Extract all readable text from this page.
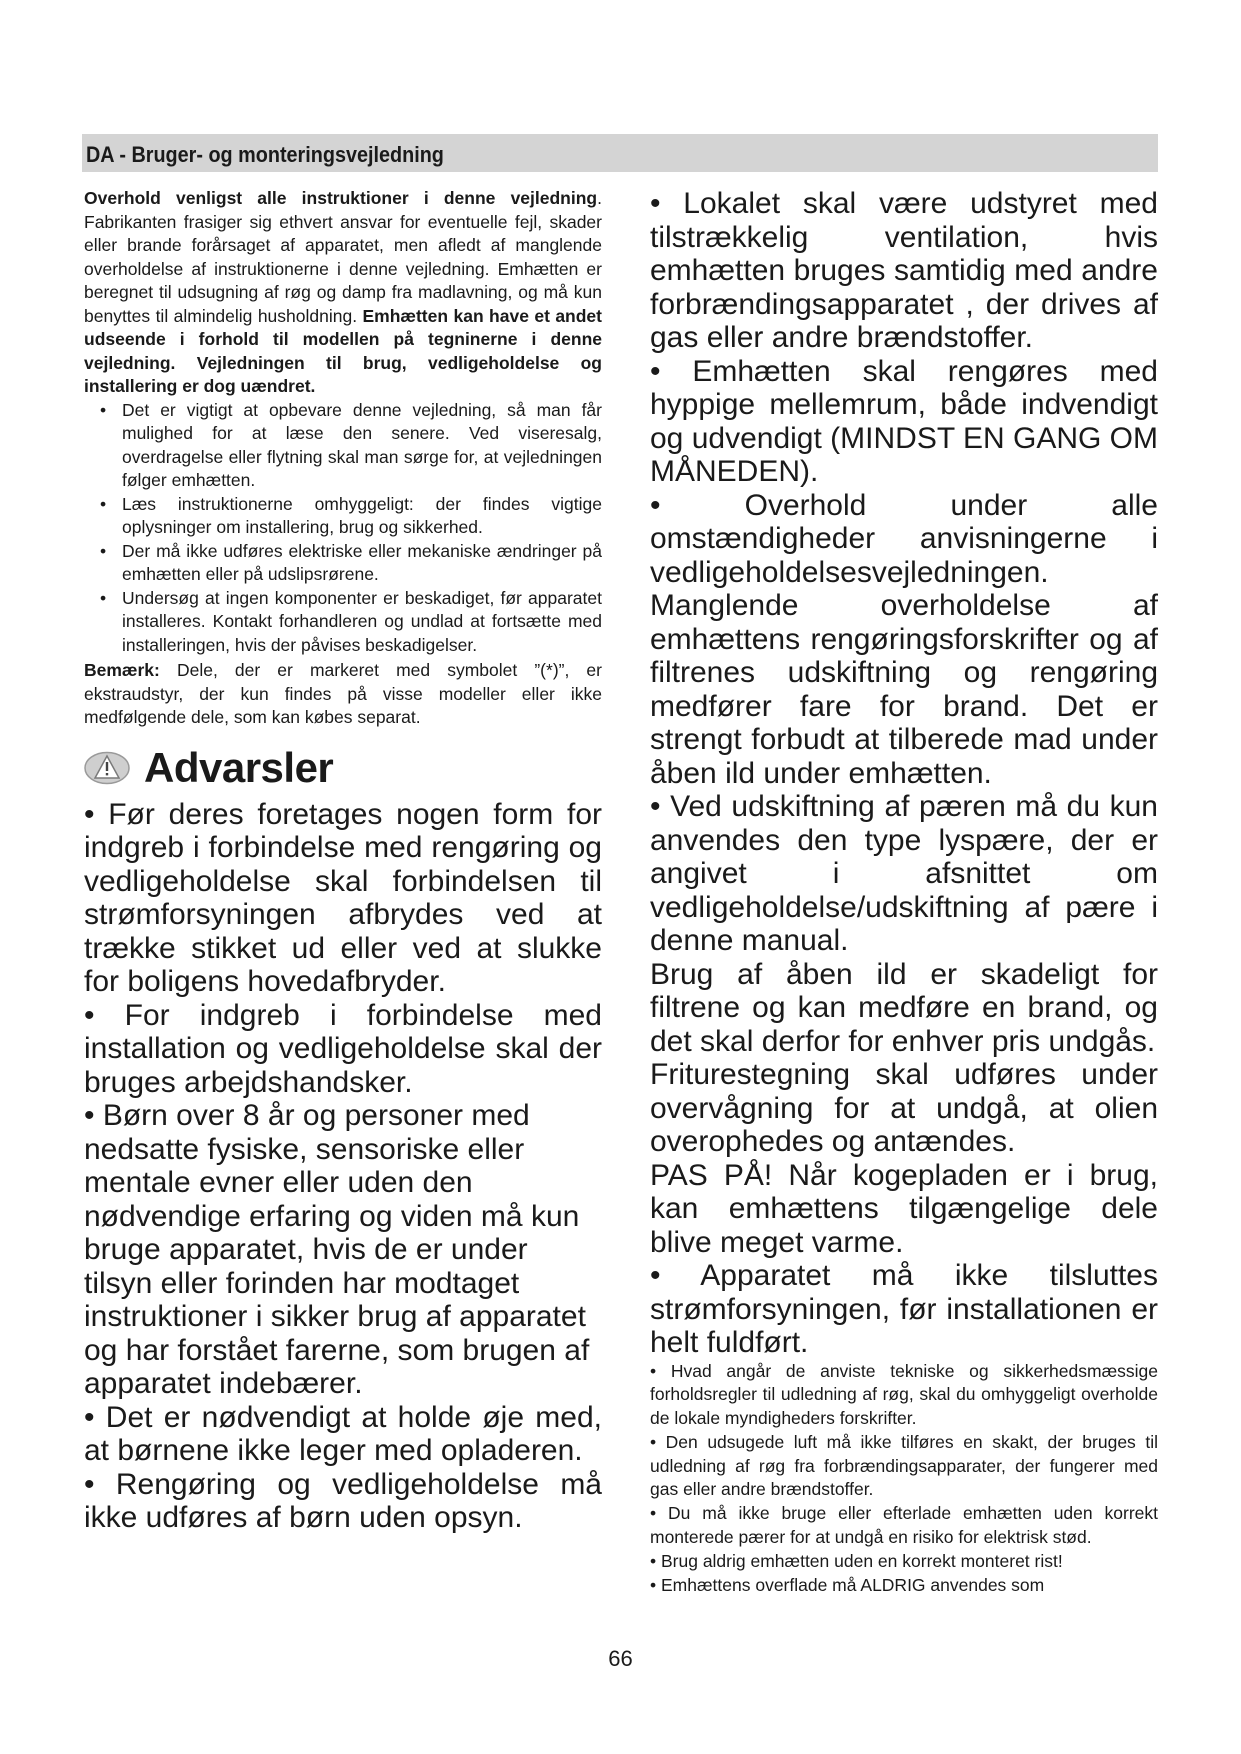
DA - Bruger- og monteringsvejledning

Overhold venligst alle instruktioner i denne vejledning. Fabrikanten frasiger sig ethvert ansvar for eventuelle fejl, skader eller brande forårsaget af apparatet, men afledt af manglende overholdelse af instruktionerne i denne vejledning. Emhætten er beregnet til udsugning af røg og damp fra madlavning, og må kun benyttes til almindelig husholdning. Emhætten kan have et andet udseende i forhold til modellen på tegninerne i denne vejledning. Vejledningen til brug, vedligeholdelse og installering er dog uændret.

• Det er vigtigt at opbevare denne vejledning, så man får mulighed for at læse den senere. Ved viseresalg, overdragelse eller flytning skal man sørge for, at vejledningen følger emhætten.
• Læs instruktionerne omhyggeligt: der findes vigtige oplysninger om installering, brug og sikkerhed.
• Der må ikke udføres elektriske eller mekaniske ændringer på emhætten eller på udslipsrørene.
• Undersøg at ingen komponenter er beskadiget, før apparatet installeres. Kontakt forhandleren og undlad at fortsætte med installeringen, hvis der påvises beskadigelser.

Bemærk: Dele, der er markeret med symbolet ”(*)”, er ekstraudstyr, der kun findes på visse modeller eller ikke medfølgende dele, som kan købes separat.

Advarsler

• Før deres foretages nogen form for indgreb i forbindelse med rengøring og vedligeholdelse skal forbindelsen til strømforsyningen afbrydes ved at trække stikket ud eller ved at slukke for boligens hovedafbryder.

• For indgreb i forbindelse med installation og vedligeholdelse skal der bruges arbejdshandsker.

• Børn over 8 år og personer med nedsatte fysiske, sensoriske eller mentale evner eller uden den nødvendige erfaring og viden må kun bruge apparatet, hvis de er under tilsyn eller forinden har modtaget instruktioner i sikker brug af apparatet og har forstået farerne, som brugen af apparatet indebærer.

• Det er nødvendigt at holde øje med, at børnene ikke leger med opladeren.

• Rengøring og vedligeholdelse må ikke udføres af børn uden opsyn.

• Lokalet skal være udstyret med tilstrækkelig ventilation, hvis emhætten bruges samtidig med andre forbrændingsapparatet , der drives af gas eller andre brændstoffer.

• Emhætten skal rengøres med hyppige mellemrum, både indvendigt og udvendigt (MINDST EN GANG OM MÅNEDEN).

• Overhold under alle omstændigheder anvisningerne i vedligeholdelsesvejledningen.

Manglende overholdelse af emhættens rengøringsforskrifter og af filtrenes udskiftning og rengøring medfører fare for brand. Det er strengt forbudt at tilberede mad under åben ild under emhætten.

• Ved udskiftning af pæren må du kun anvendes den type lyspære, der er angivet i afsnittet om vedligeholdelse/udskiftning af pære i denne manual.

Brug af åben ild er skadeligt for filtrene og kan medføre en brand, og det skal derfor for enhver pris undgås.

Friturestegning skal udføres under overvågning for at undgå, at olien overophedes og antændes.

PAS PÅ! Når kogepladen er i brug, kan emhættens tilgængelige dele blive meget varme.

• Apparatet må ikke tilsluttes strømforsyningen, før installationen er helt fuldført.

• Hvad angår de anviste tekniske og sikkerhedsmæssige forholdsregler til udledning af røg, skal du omhyggeligt overholde de lokale myndigheders forskrifter.

• Den udsugede luft må ikke tilføres en skakt, der bruges til udledning af røg fra forbrændingsapparater, der fungerer med gas eller andre brændstoffer.

• Du må ikke bruge eller efterlade emhætten uden korrekt monterede pærer for at undgå en risiko for elektrisk stød.

• Brug aldrig emhætten uden en korrekt monteret rist!

• Emhættens overflade må ALDRIG anvendes som

66
